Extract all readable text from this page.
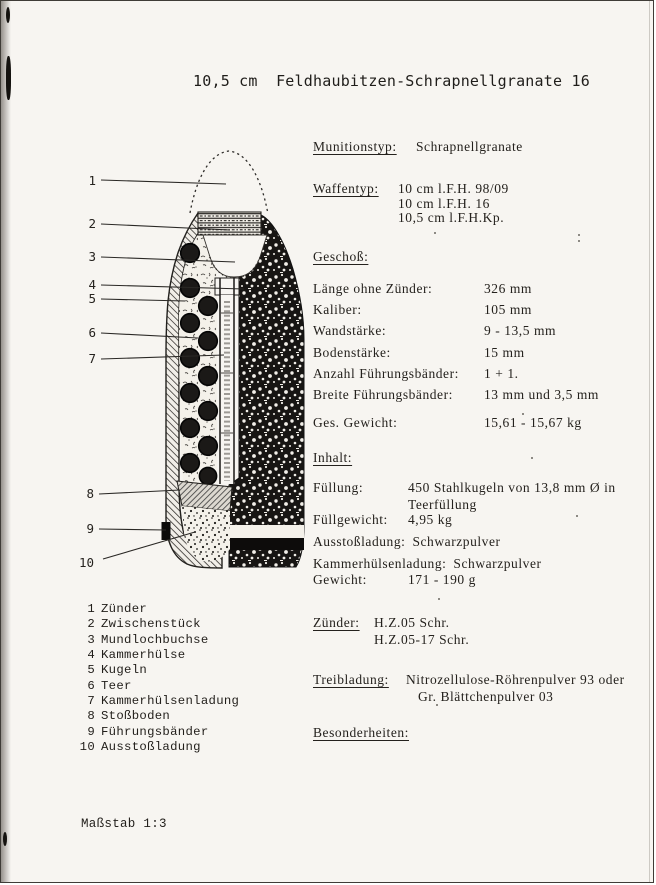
10,5 cm  Feldhaubitzen-Schrapnellgranate 16
1
2
3
4
5
6
7
8
9
10
Munitionstyp:	Schrapnellgranate
Waffentyp:	10 cm l.F.H. 98/09
10 cm l.F.H. 16
10,5 cm l.F.H.Kp.
Geschoß:
Länge ohne Zünder:	326 mm
Kaliber:	105 mm
Wandstärke:	9 - 13,5 mm
Bodenstärke:	15 mm
Anzahl Führungsbänder:	1 + 1.
Breite Führungsbänder:	13 mm und 3,5 mm
Ges. Gewicht:	15,61 - 15,67 kg
Inhalt:
Füllung:	450 Stahlkugeln von 13,8 mm Ø in
Teerfüllung
Füllgewicht:	4,95 kg
Ausstoßladung: Schwarzpulver
Kammerhülsenladung: Schwarzpulver
Gewicht:	171 - 190 g
Zünder:	H.Z.05 Schr.
H.Z.05-17 Schr.
Treibladung:	Nitrozellulose-Röhrenpulver 93 oder
Gr. Blättchenpulver 03
Besonderheiten:
1 Zünder
2 Zwischenstück
3 Mundlochbuchse
4 Kammerhülse
5 Kugeln
6 Teer
7 Kammerhülsenladung
8 Stoßboden
9 Führungsbänder
10 Ausstoßladung
Maßstab 1:3
